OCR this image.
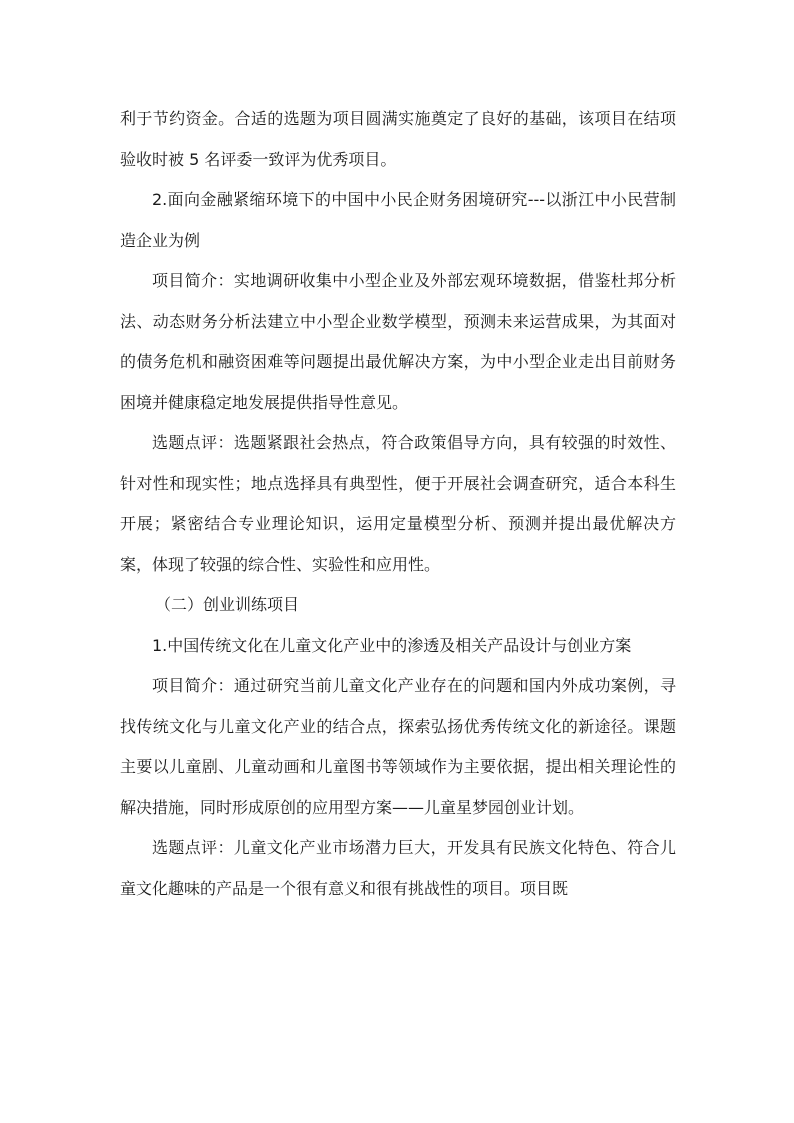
利于节约资金。合适的选题为项目圆满实施奠定了良好的基础，该项目在结项验收时被 5 名评委一致评为优秀项目。

2.面向金融紧缩环境下的中国中小民企财务困境研究---以浙江中小民营制造企业为例

项目简介：实地调研收集中小型企业及外部宏观环境数据，借鉴杜邦分析法、动态财务分析法建立中小型企业数学模型，预测未来运营成果，为其面对的债务危机和融资困难等问题提出最优解决方案，为中小型企业走出目前财务困境并健康稳定地发展提供指导性意见。

选题点评：选题紧跟社会热点，符合政策倡导方向，具有较强的时效性、针对性和现实性；地点选择具有典型性，便于开展社会调查研究，适合本科生开展；紧密结合专业理论知识，运用定量模型分析、预测并提出最优解决方案，体现了较强的综合性、实验性和应用性。

（二）创业训练项目

1.中国传统文化在儿童文化产业中的渗透及相关产品设计与创业方案

项目简介：通过研究当前儿童文化产业存在的问题和国内外成功案例，寻找传统文化与儿童文化产业的结合点，探索弘扬优秀传统文化的新途径。课题主要以儿童剧、儿童动画和儿童图书等领域作为主要依据，提出相关理论性的解决措施，同时形成原创的应用型方案——儿童星梦园创业计划。

选题点评：儿童文化产业市场潜力巨大，开发具有民族文化特色、符合儿童文化趣味的产品是一个很有意义和很有挑战性的项目。项目既
